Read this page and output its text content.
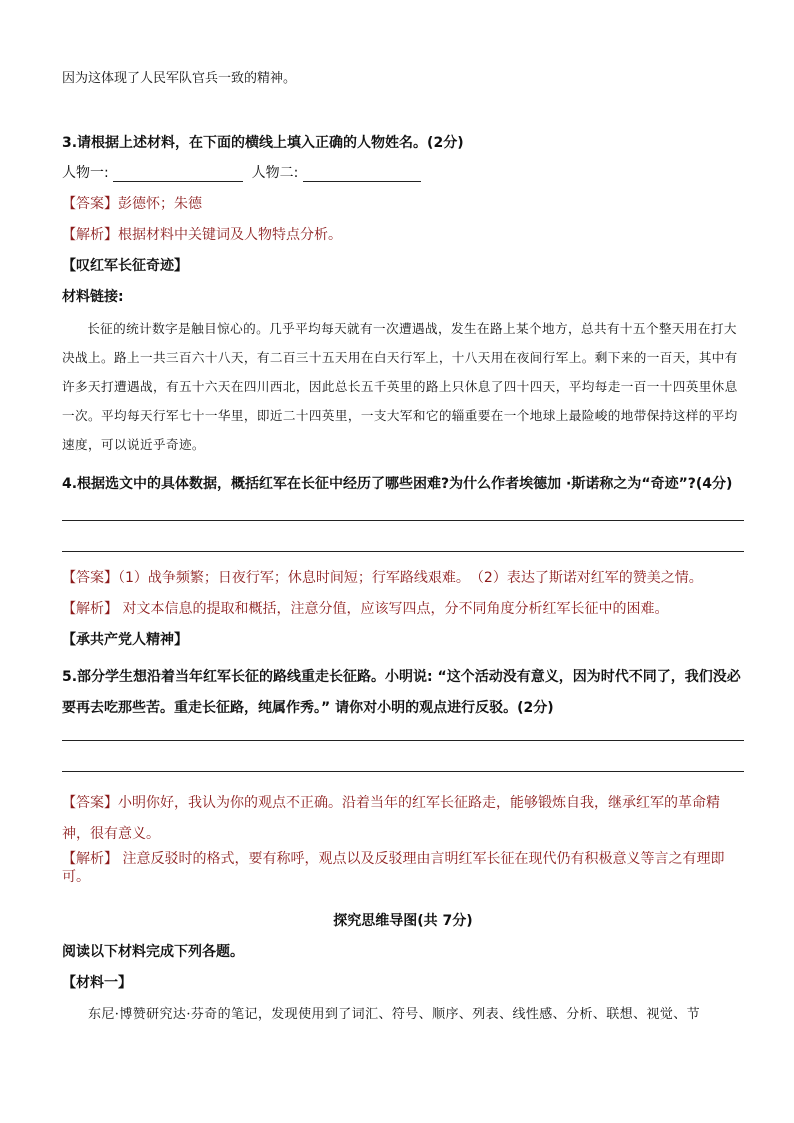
因为这体现了人民军队官兵一致的精神。
3.请根据上述材料，在下面的横线上填入正确的人物姓名。(2分)
人物一:	人物二:
【答案】彭德怀；朱德
【解析】根据材料中关键词及人物特点分析。
【叹红军长征奇迹】
材料链接:
长征的统计数字是触目惊心的。几乎平均每天就有一次遭遇战，发生在路上某个地方，总共有十五个整天用在打大决战上。路上一共三百六十八天，有二百三十五天用在白天行军上，十八天用在夜间行军上。剩下来的一百天，其中有许多天打遭遇战，有五十六天在四川西北，因此总长五千英里的路上只休息了四十四天，平均每走一百一十四英里休息一次。平均每天行军七十一华里，即近二十四英里，一支大军和它的辎重要在一个地球上最险峻的地带保持这样的平均速度，可以说近乎奇迹。
4.根据选文中的具体数据，概括红军在长征中经历了哪些困难?为什么作者埃德加 ·斯诺称之为“奇迹”?(4分)
【答案】（1）战争频繁；日夜行军；休息时间短；行军路线艰难。　（2）表达了斯诺对红军的赞美之情。
【解析】 对文本信息的提取和概括，注意分值，应该写四点，分不同角度分析红军长征中的困难。
【承共产党人精神】
5.部分学生想沿着当年红军长征的路线重走长征路。小明说: “这个活动没有意义，因为时代不同了，我们没必要再去吃那些苦。重走长征路，纯属作秀。” 请你对小明的观点进行反驳。(2分)
【答案】小明你好，我认为你的观点不正确。沿着当年的红军长征路走，能够锻炼自我，继承红军的革命精神，很有意义。
【解析】 注意反驳时的格式，要有称呼，观点以及反驳理由言明红军长征在现代仍有积极意义等言之有理即可。
探究思维导图(共 7分)
阅读以下材料完成下列各题。
【材料一】
东尼·博赞研究达·芬奇的笔记，发现使用到了词汇、符号、顺序、列表、线性感、分析、联想、视觉、节
